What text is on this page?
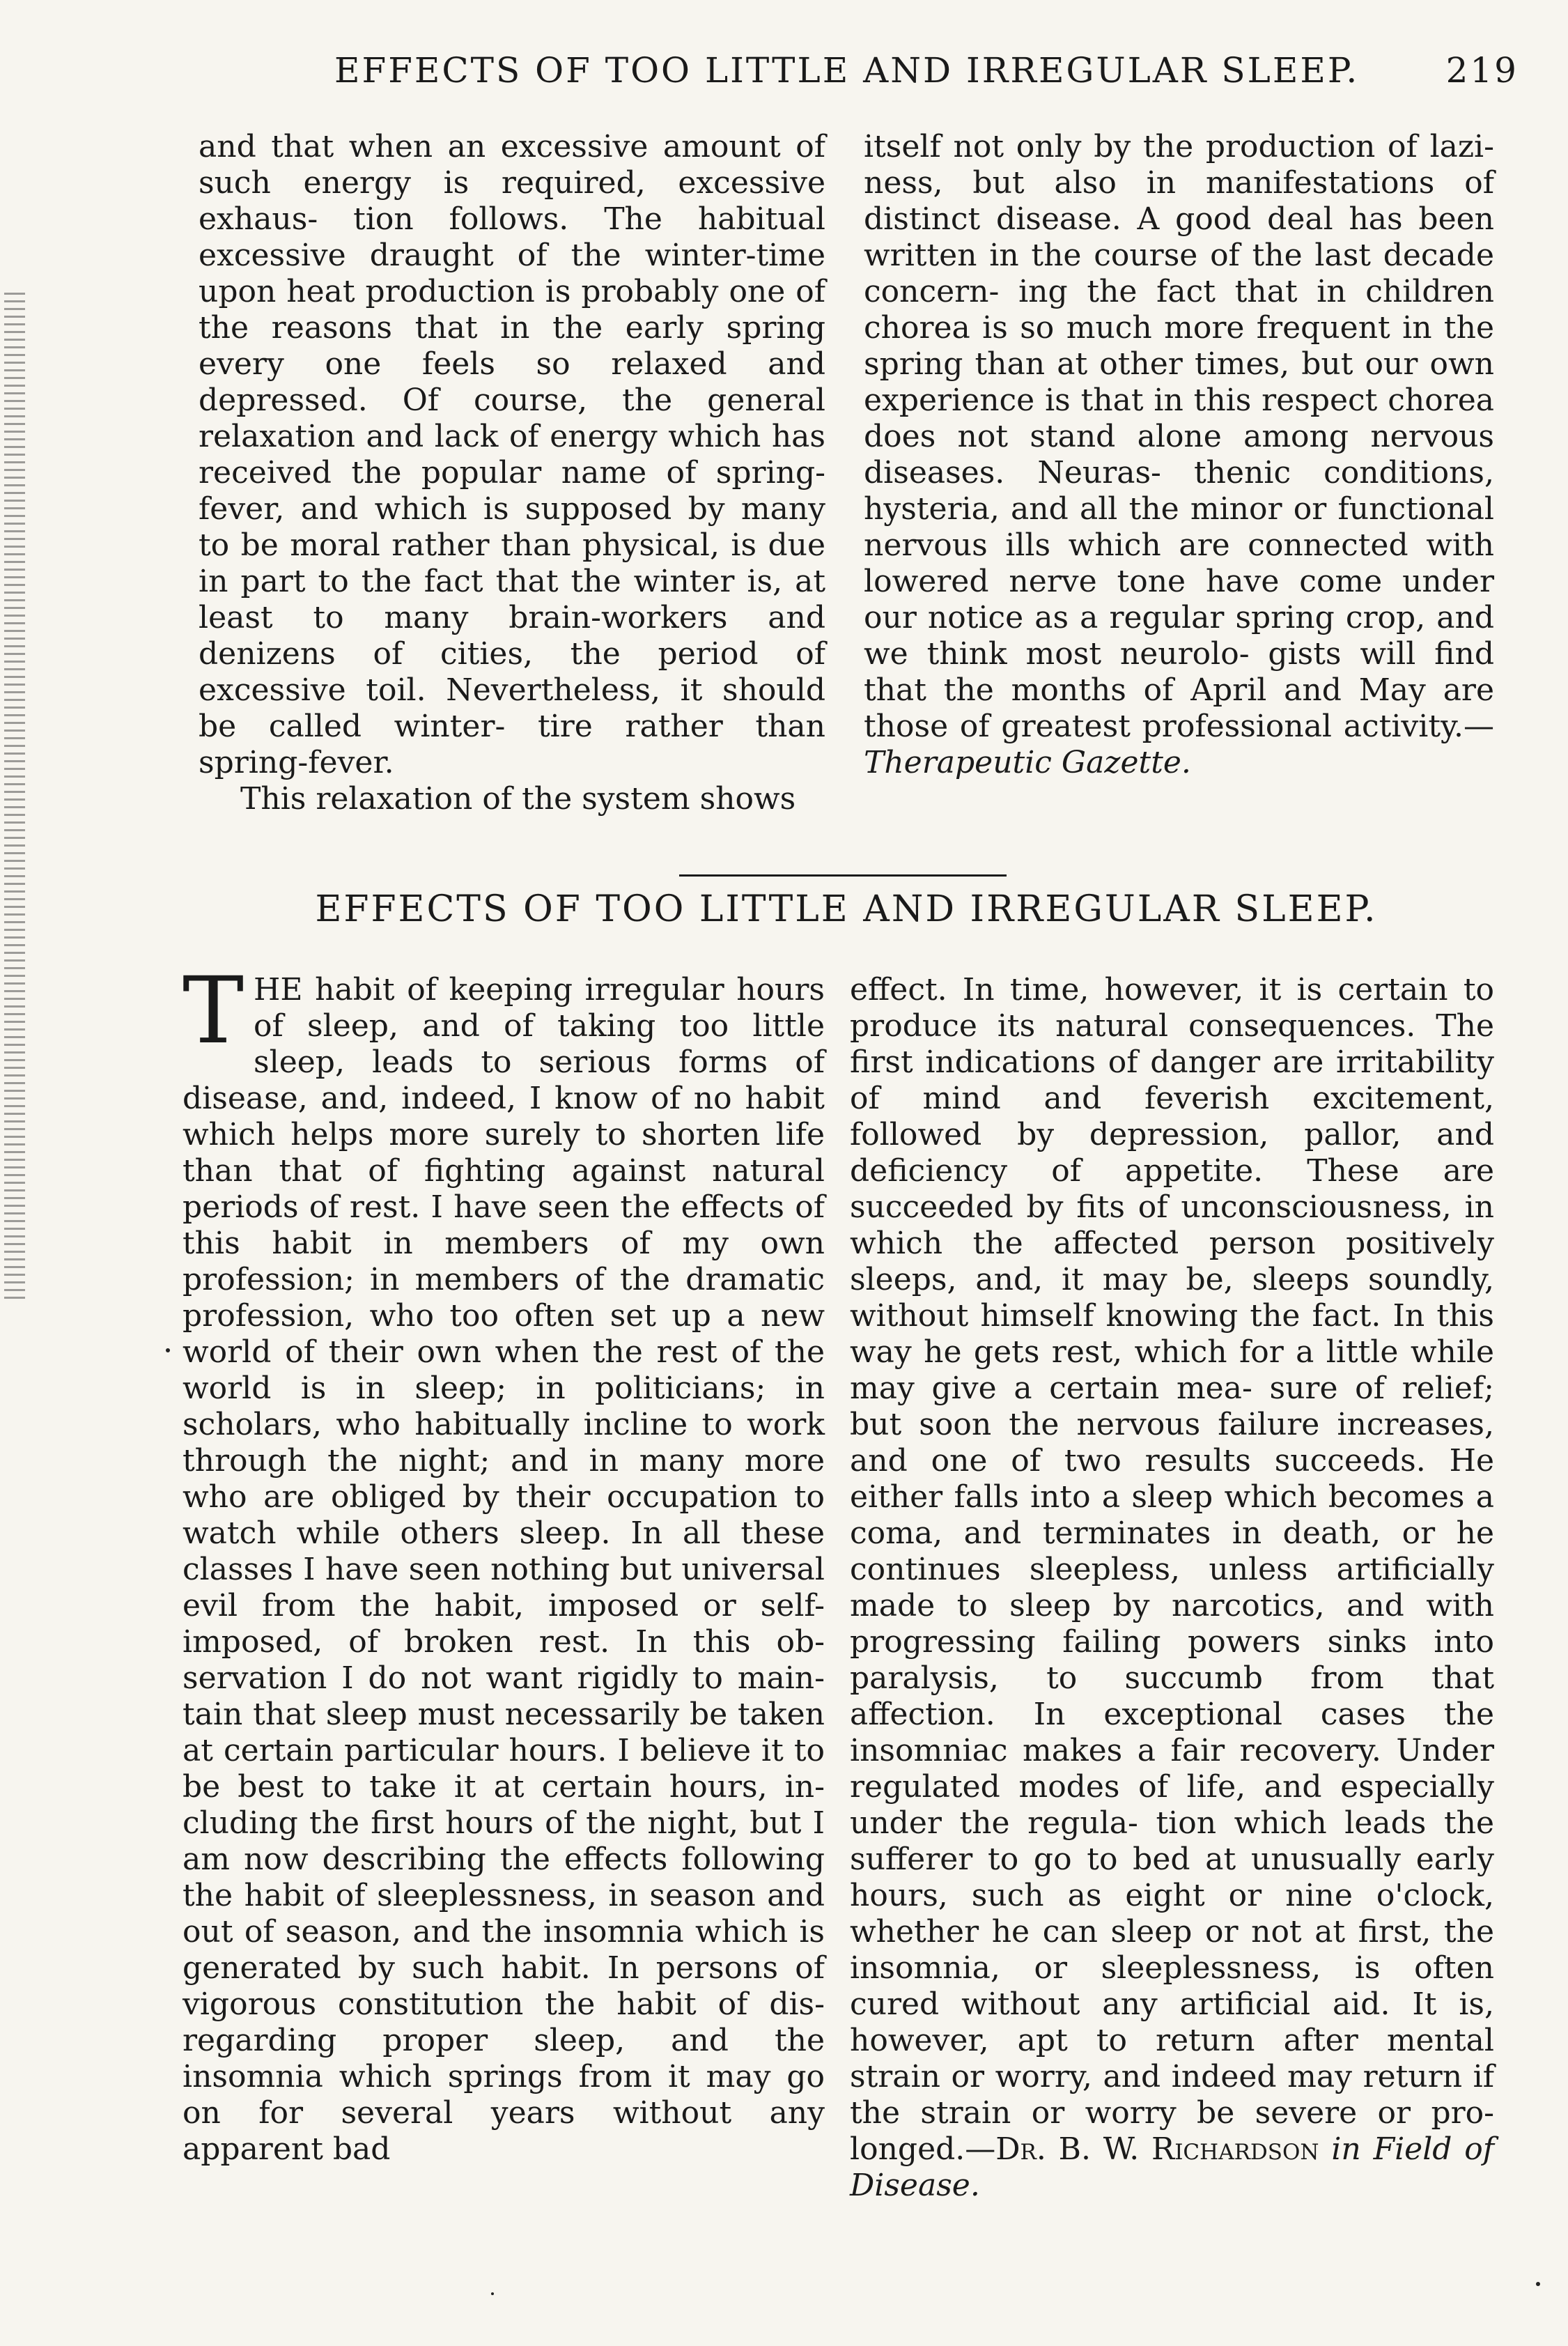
EFFECTS OF TOO LITTLE AND IRREGULAR SLEEP. 219

and that when an excessive amount of such energy is required, excessive exhaus- tion follows. The habitual excessive draught of the winter-time upon heat production is probably one of the reasons that in the early spring every one feels so relaxed and depressed. Of course, the general relaxation and lack of energy which has received the popular name of spring- fever, and which is supposed by many to be moral rather than physical, is due in part to the fact that the winter is, at least to many brain-workers and denizens of cities, the period of excessive toil. Nevertheless, it should be called winter- tire rather than spring-fever.

This relaxation of the system shows

itself not only by the production of lazi- ness, but also in manifestations of distinct disease. A good deal has been written in the course of the last decade concern- ing the fact that in children chorea is so much more frequent in the spring than at other times, but our own experience is that in this respect chorea does not stand alone among nervous diseases. Neuras- thenic conditions, hysteria, and all the minor or functional nervous ills which are connected with lowered nerve tone have come under our notice as a regular spring crop, and we think most neurolo- gists will find that the months of April and May are those of greatest professional activity.—Therapeutic Gazette.

EFFECTS OF TOO LITTLE AND IRREGULAR SLEEP.

THE habit of keeping irregular hours of sleep, and of taking too little sleep, leads to serious forms of disease, and, indeed, I know of no habit which helps more surely to shorten life than that of fighting against natural periods of rest. I have seen the effects of this habit in members of my own profession; in members of the dramatic profession, who too often set up a new world of their own when the rest of the world is in sleep; in politicians; in scholars, who habitually incline to work through the night; and in many more who are obliged by their occupation to watch while others sleep. In all these classes I have seen nothing but universal evil from the habit, imposed or self-imposed, of broken rest. In this ob- servation I do not want rigidly to main- tain that sleep must necessarily be taken at certain particular hours. I believe it to be best to take it at certain hours, in- cluding the first hours of the night, but I am now describing the effects following the habit of sleeplessness, in season and out of season, and the insomnia which is generated by such habit. In persons of vigorous constitution the habit of dis- regarding proper sleep, and the insomnia which springs from it may go on for several years without any apparent bad

effect. In time, however, it is certain to produce its natural consequences. The first indications of danger are irritability of mind and feverish excitement, followed by depression, pallor, and deficiency of appetite. These are succeeded by fits of unconsciousness, in which the affected person positively sleeps, and, it may be, sleeps soundly, without himself knowing the fact. In this way he gets rest, which for a little while may give a certain mea- sure of relief; but soon the nervous failure increases, and one of two results succeeds. He either falls into a sleep which becomes a coma, and terminates in death, or he continues sleepless, unless artificially made to sleep by narcotics, and with progressing failing powers sinks into paralysis, to succumb from that affection. In exceptional cases the insomniac makes a fair recovery. Under regulated modes of life, and especially under the regula- tion which leads the sufferer to go to bed at unusually early hours, such as eight or nine o'clock, whether he can sleep or not at first, the insomnia, or sleeplessness, is often cured without any artificial aid. It is, however, apt to return after mental strain or worry, and indeed may return if the strain or worry be severe or pro- longed.—Dr. B. W. Richardson in Field of Disease.
